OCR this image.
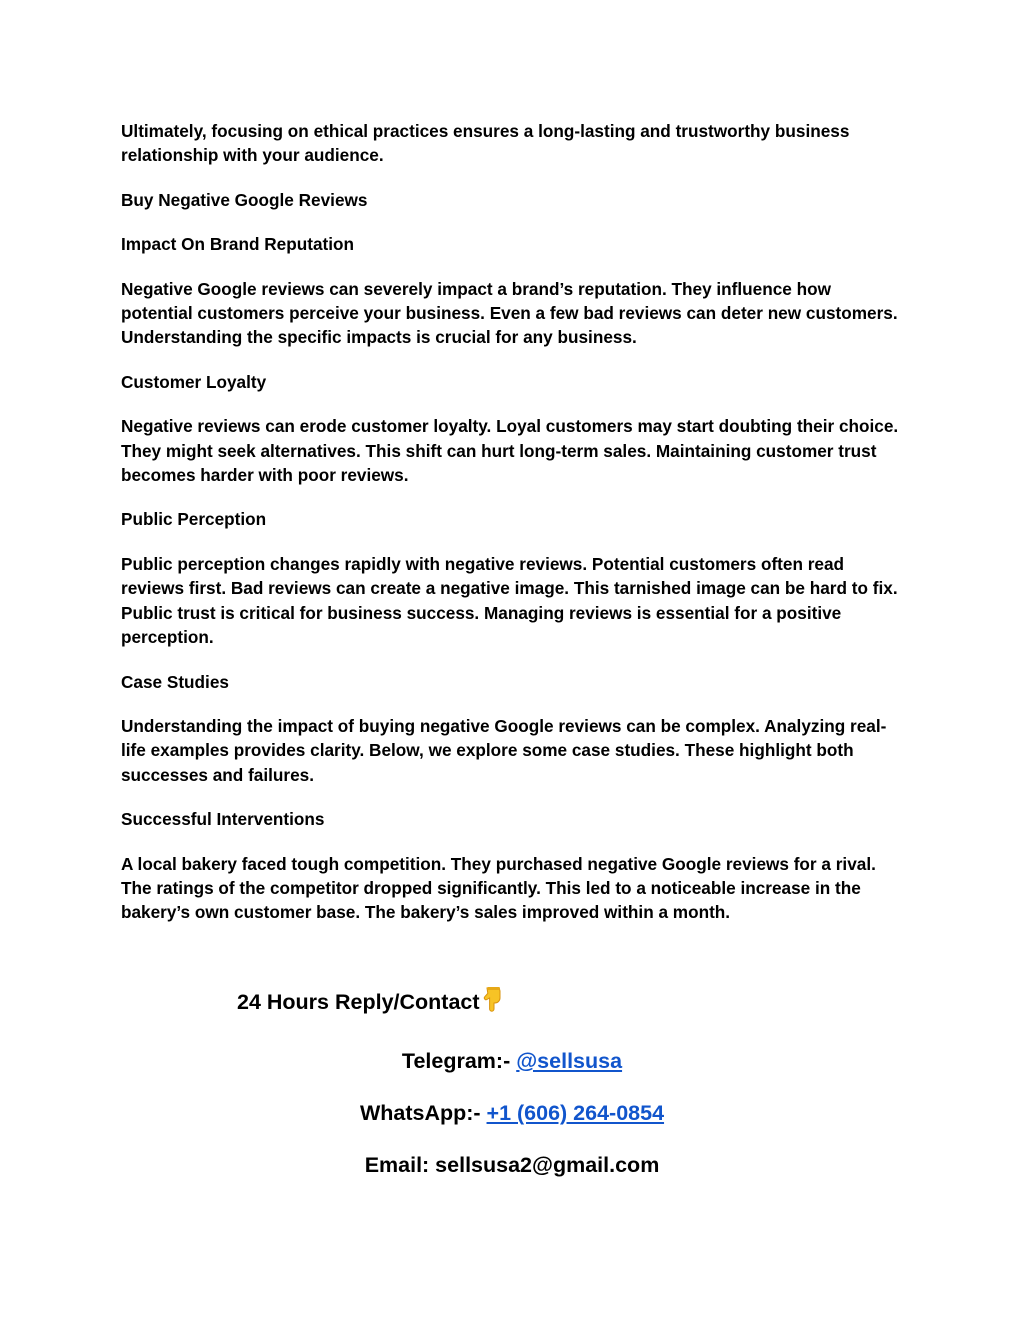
Ultimately, focusing on ethical practices ensures a long-lasting and trustworthy business relationship with your audience.

Buy Negative Google Reviews

Impact On Brand Reputation

Negative Google reviews can severely impact a brand’s reputation. They influence how potential customers perceive your business. Even a few bad reviews can deter new customers. Understanding the specific impacts is crucial for any business.

Customer Loyalty

Negative reviews can erode customer loyalty. Loyal customers may start doubting their choice. They might seek alternatives. This shift can hurt long-term sales. Maintaining customer trust becomes harder with poor reviews.

Public Perception

Public perception changes rapidly with negative reviews. Potential customers often read reviews first. Bad reviews can create a negative image. This tarnished image can be hard to fix. Public trust is critical for business success. Managing reviews is essential for a positive perception.

Case Studies

Understanding the impact of buying negative Google reviews can be complex. Analyzing real-life examples provides clarity. Below, we explore some case studies. These highlight both successes and failures.

Successful Interventions

A local bakery faced tough competition. They purchased negative Google reviews for a rival. The ratings of the competitor dropped significantly. This led to a noticeable increase in the bakery’s own customer base. The bakery’s sales improved within a month.

24 Hours Reply/Contact
Telegram:- @sellsusa
WhatsApp:- +1 (606) 264-0854
Email: sellsusa2@gmail.com
